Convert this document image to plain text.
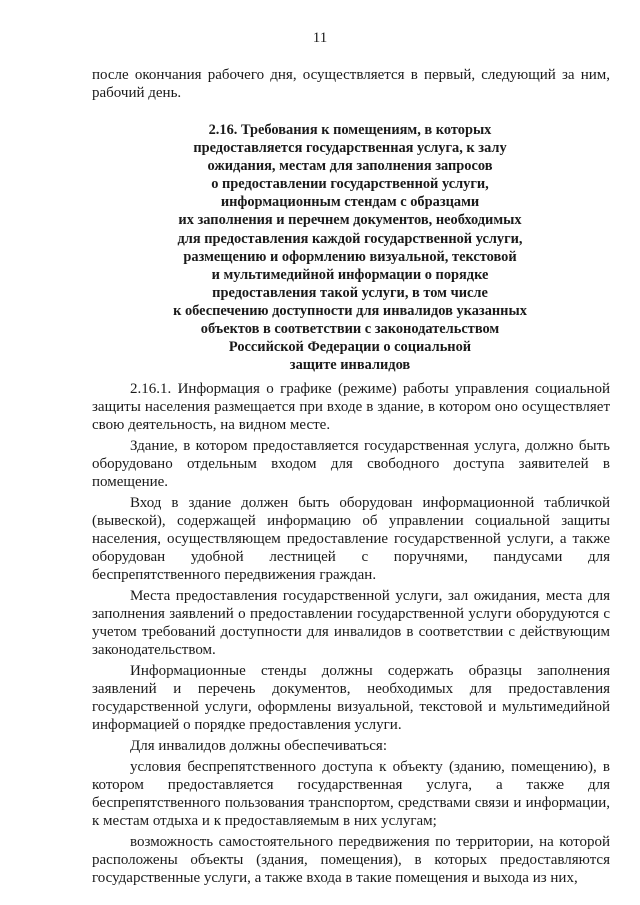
11
после окончания рабочего дня, осуществляется в первый, следующий за ним, рабочий день.
2.16. Требования к помещениям, в которых
предоставляется государственная услуга, к залу
ожидания, местам для заполнения запросов
о предоставлении государственной услуги,
информационным стендам с образцами
их заполнения и перечнем документов, необходимых
для предоставления каждой государственной услуги,
размещению и оформлению визуальной, текстовой
и мультимедийной информации о порядке
предоставления такой услуги, в том числе
к обеспечению доступности для инвалидов указанных
объектов в соответствии с законодательством
Российской Федерации о социальной
защите инвалидов

2.16.1. Информация о графике (режиме) работы управления социальной защиты населения размещается при входе в здание, в котором оно осуществляет свою деятельность, на видном месте.

Здание, в котором предоставляется государственная услуга, должно быть оборудовано отдельным входом для свободного доступа заявителей в помещение.

Вход в здание должен быть оборудован информационной табличкой (вывеской), содержащей информацию об управлении социальной защиты населения, осуществляющем предоставление государственной услуги, а также оборудован удобной лестницей с поручнями, пандусами для беспрепятственного передвижения граждан.

Места предоставления государственной услуги, зал ожидания, места для заполнения заявлений о предоставлении государственной услуги оборудуются с учетом требований доступности для инвалидов в соответствии с действующим законодательством.

Информационные стенды должны содержать образцы заполнения заявлений и перечень документов, необходимых для предоставления государственной услуги, оформлены визуальной, текстовой и мультимедийной информацией о порядке предоставления услуги.

Для инвалидов должны обеспечиваться:

условия беспрепятственного доступа к объекту (зданию, помещению), в котором предоставляется государственная услуга, а также для беспрепятственного пользования транспортом, средствами связи и информации, к местам отдыха и к предоставляемым в них услугам;

возможность самостоятельного передвижения по территории, на которой расположены объекты (здания, помещения), в которых предоставляются государственные услуги, а также входа в такие помещения и выхода из них,
